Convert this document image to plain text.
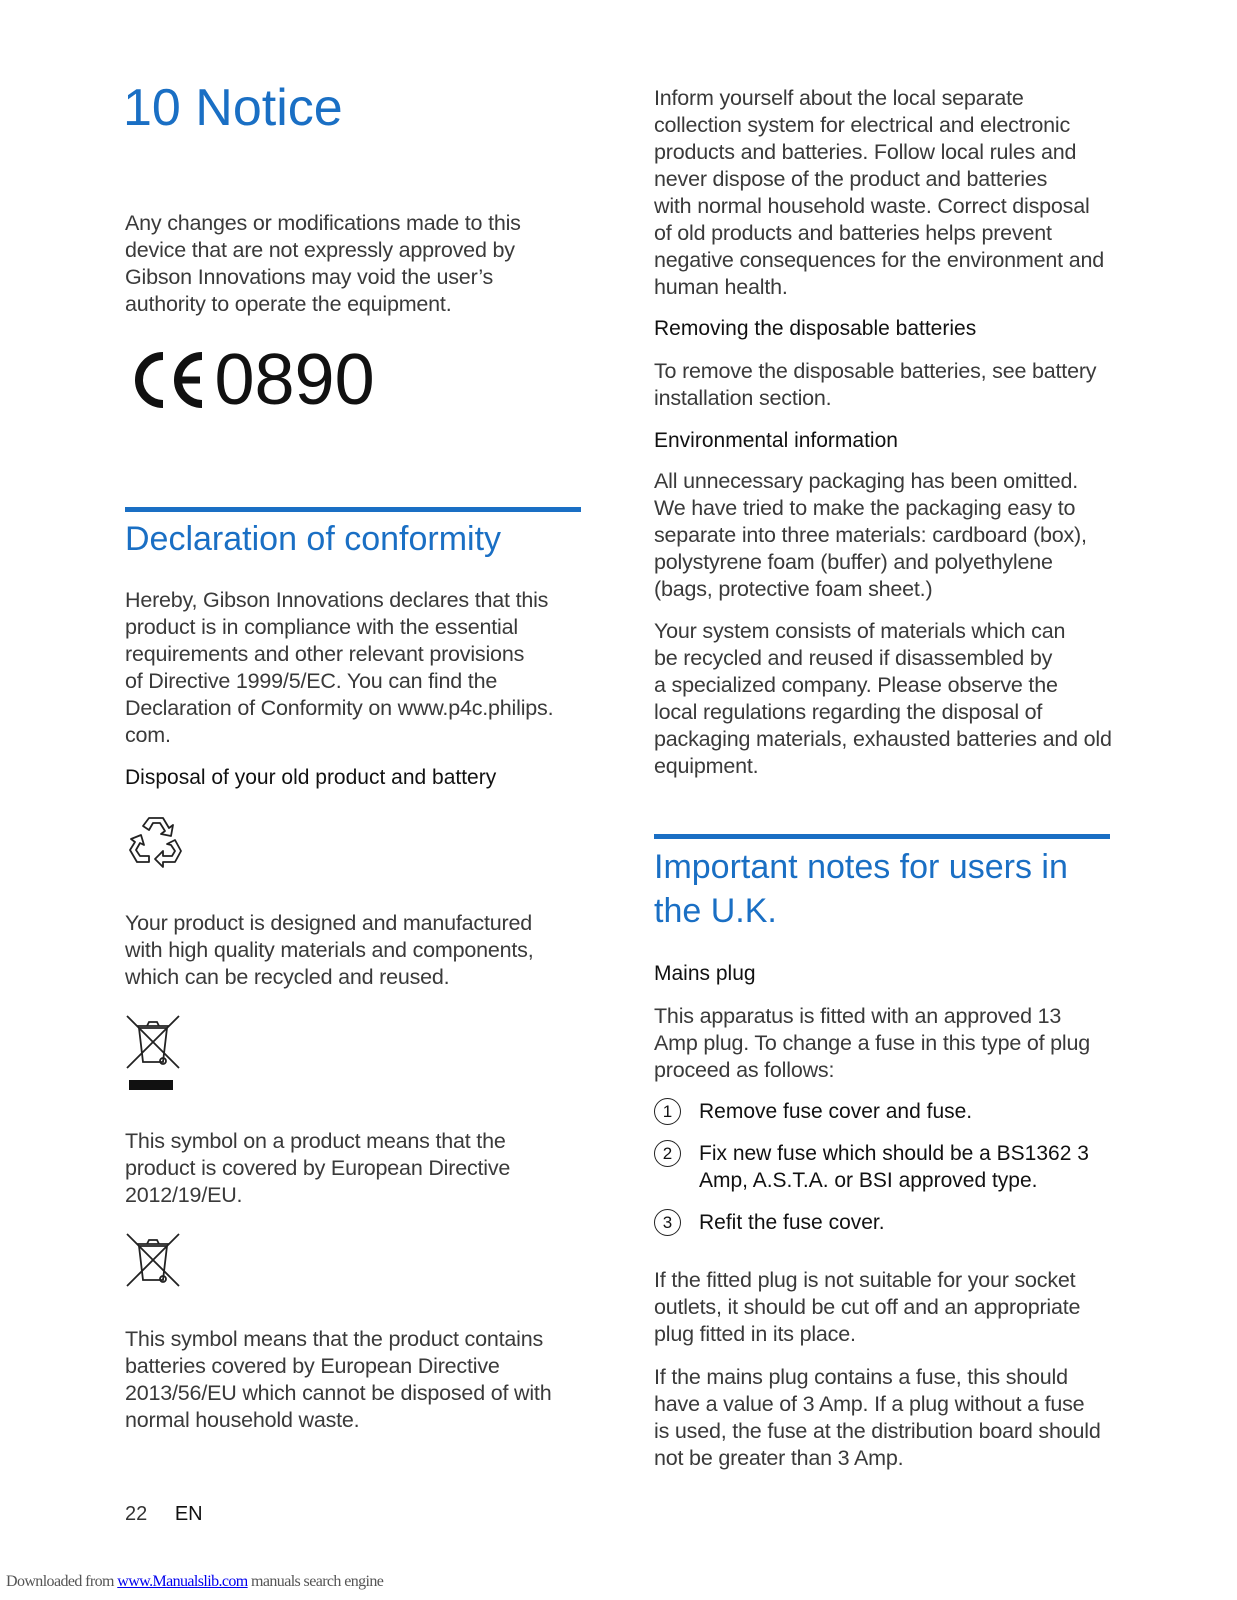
10 Notice
Any changes or modifications made to this
device that are not expressly approved by
Gibson Innovations may void the user’s
authority to operate the equipment.
0890
Declaration of conformity
Hereby, Gibson Innovations declares that this
product is in compliance with the essential
requirements and other relevant provisions
of Directive 1999/5/EC. You can find the
Declaration of Conformity on www.p4c.philips.
com.
Disposal of your old product and battery
Your product is designed and manufactured
with high quality materials and components,
which can be recycled and reused.
This symbol on a product means that the
product is covered by European Directive
2012/19/EU.
This symbol means that the product contains
batteries covered by European Directive
2013/56/EU which cannot be disposed of with
normal household waste.
22 EN
Inform yourself about the local separate
collection system for electrical and electronic
products and batteries. Follow local rules and
never dispose of the product and batteries
with normal household waste. Correct disposal
of old products and batteries helps prevent
negative consequences for the environment and
human health.
Removing the disposable batteries
To remove the disposable batteries, see battery
installation section.
Environmental information
All unnecessary packaging has been omitted.
We have tried to make the packaging easy to
separate into three materials: cardboard (box),
polystyrene foam (buffer) and polyethylene
(bags, protective foam sheet.)
Your system consists of materials which can
be recycled and reused if disassembled by
a specialized company. Please observe the
local regulations regarding the disposal of
packaging materials, exhausted batteries and old
equipment.
Important notes for users in
the U.K.
Mains plug
This apparatus is fitted with an approved 13
Amp plug. To change a fuse in this type of plug
proceed as follows:
1	Remove fuse cover and fuse.
2	Fix new fuse which should be a BS1362 3
Amp, A.S.T.A. or BSI approved type.
3	Refit the fuse cover.
If the fitted plug is not suitable for your socket
outlets, it should be cut off and an appropriate
plug fitted in its place.
If the mains plug contains a fuse, this should
have a value of 3 Amp. If a plug without a fuse
is used, the fuse at the distribution board should
not be greater than 3 Amp.
Downloaded from www.Manualslib.com manuals search engine
